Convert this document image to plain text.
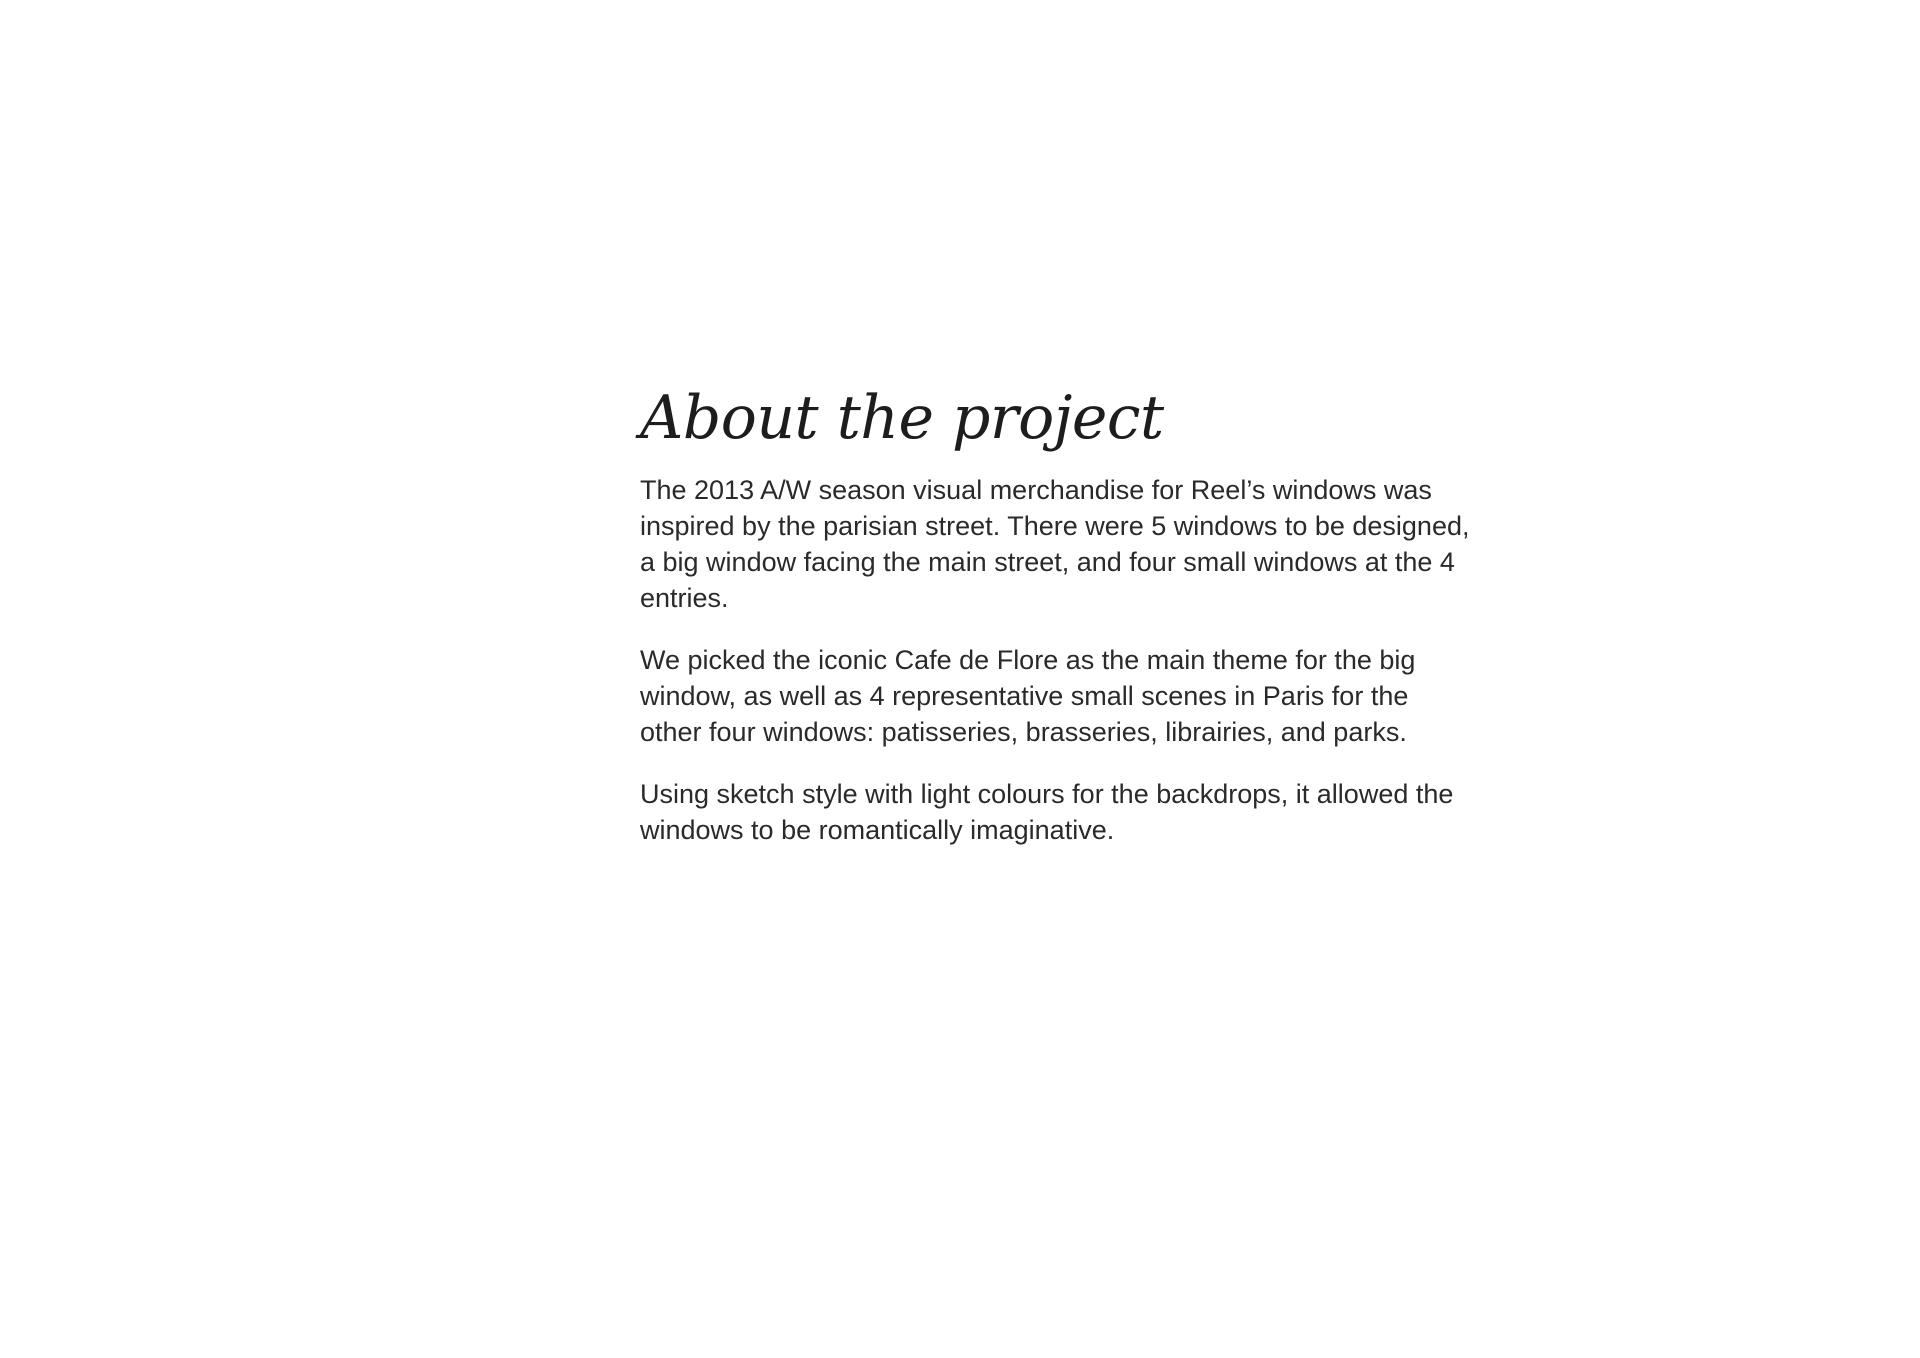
About the project

The 2013 A/W season visual merchandise for Reel’s windows was inspired by the parisian street. There were 5 windows to be designed, a big window facing the main street, and four small windows at the 4 entries.

We picked the iconic Cafe de Flore as the main theme for the big window, as well as 4 representative small scenes in Paris for the other four windows: patisseries, brasseries, librairies, and parks.

Using sketch style with light colours for the backdrops, it allowed the windows to be romantically imaginative.
